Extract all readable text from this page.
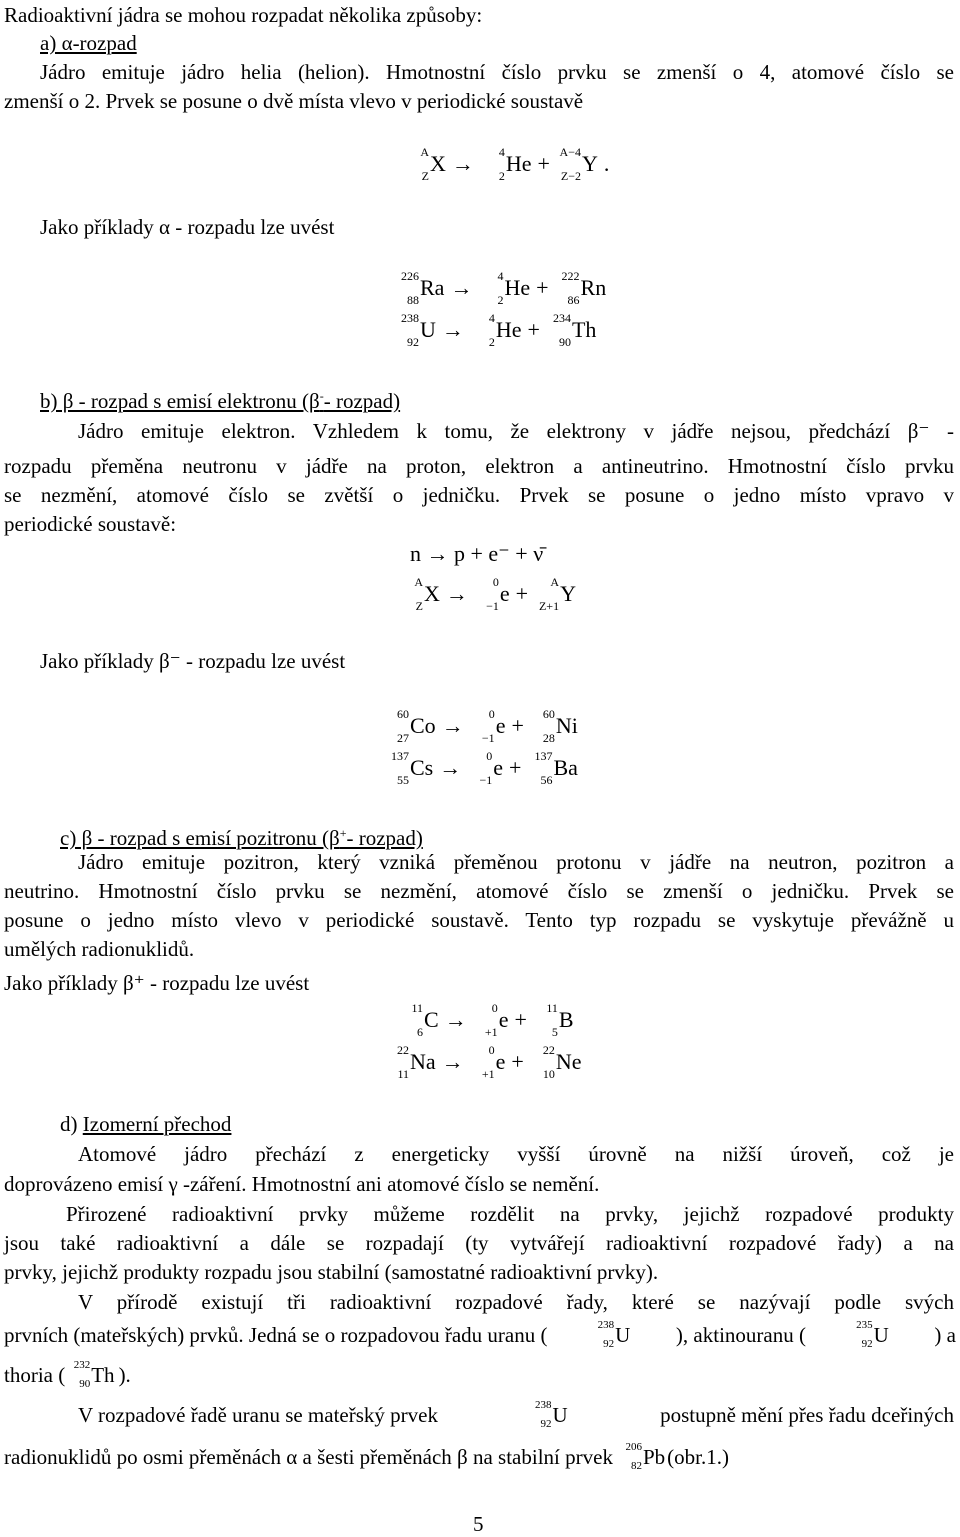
Radioaktivní jádra se mohou rozpadat několika způsoby:
a) α-rozpad
Jádro emituje jádro helia (helion). Hmotnostní číslo prvku se zmenší o 4, atomové číslo se
zmenší o 2. Prvek se posune o dvě místa vlevo v periodické soustavě
A
Z X → 4
2 He + A−4
Z−2 Y .
Jako příklady α - rozpadu lze uvést
226
88 Ra → 4
2 He + 222
86 Rn
238
92 U → 4
2 He + 234
90 Th
b) β - rozpad s emisí elektronu (β-- rozpad)
Jádro emituje elektron. Vzhledem k tomu, že elektrony v jádře nejsou, předchází β⁻ -
rozpadu přeměna neutronu v jádře na proton, elektron a antineutrino. Hmotnostní číslo prvku
se nezmění, atomové číslo se zvětší o jedničku. Prvek se posune o jedno místo vpravo v
periodické soustavě:
n → p + e⁻ + ν̄
A
Z X → 0
−1 e + A
Z+1 Y
Jako příklady β⁻ - rozpadu lze uvést
60
27 Co → 0
−1 e + 60
28 Ni
137
55 Cs → 0
−1 e + 137
56 Ba
c) β - rozpad s emisí pozitronu (β+- rozpad)
Jádro emituje pozitron, který vzniká přeměnou protonu v jádře na neutron, pozitron a
neutrino. Hmotnostní číslo prvku se nezmění, atomové číslo se zmenší o jedničku. Prvek se
posune o jedno místo vlevo v periodické soustavě. Tento typ rozpadu se vyskytuje převážně u
umělých radionuklidů.
Jako příklady β⁺ - rozpadu lze uvést
11
6 C → 0
+1 e + 11
5 B
22
11 Na → 0
+1 e + 22
10 Ne
d) Izomerní přechod
Atomové jádro přechází z energeticky vyšší úrovně na nižší úroveň, což je
doprovázeno emisí γ -záření. Hmotnostní ani atomové číslo se nemění.
Přirozené radioaktivní prvky můžeme rozdělit na prvky, jejichž rozpadové produkty
jsou také radioaktivní a dále se rozpadají (ty vytvářejí radioaktivní rozpadové řady) a na
prvky, jejichž produkty rozpadu jsou stabilní (samostatné radioaktivní prvky).
V přírodě existují tři radioaktivní rozpadové řady, které se nazývají podle svých
prvních (mateřských) prvků. Jedná se o rozpadovou řadu uranu (	238
92 U ), aktinouranu (	235
92 U ) a
thoria ( 232
90 Th ).
V rozpadové řadě uranu se mateřský prvek	238
92 U	postupně mění přes řadu dceřiných
radionuklidů po osmi přeměnách α a šesti přeměnách β na stabilní prvek 206
82 Pb (obr.1.)
5
